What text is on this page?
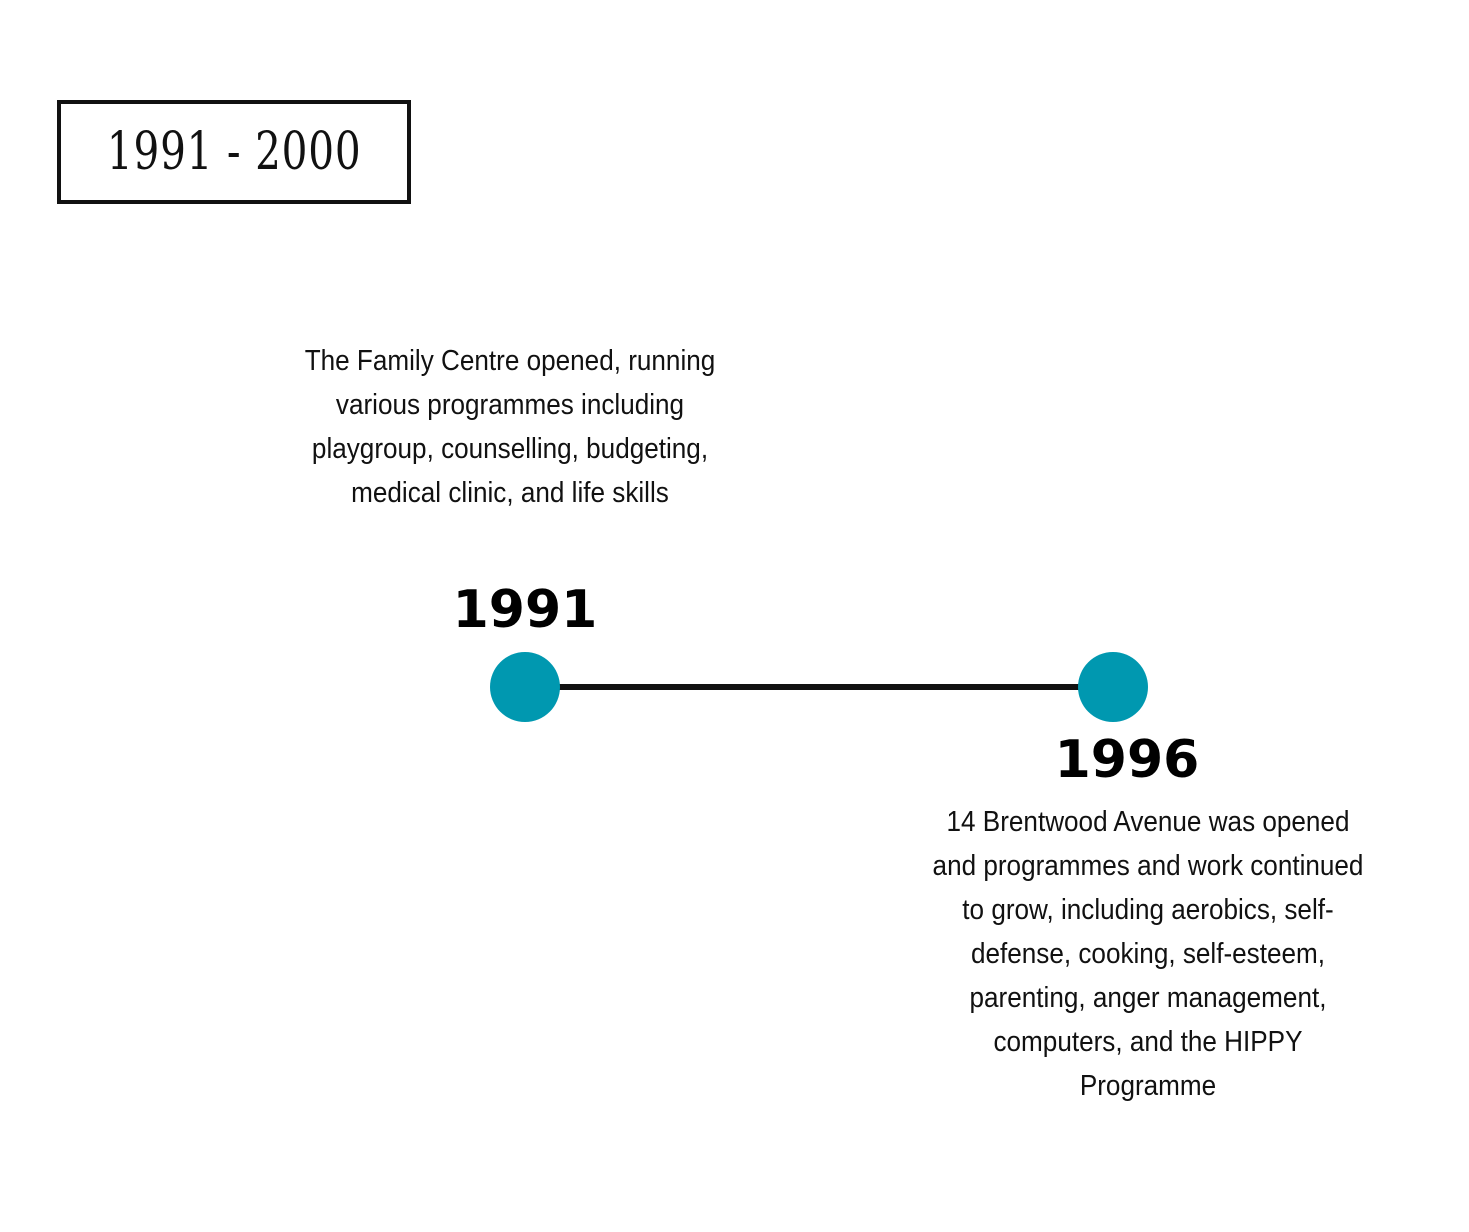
1991 - 2000
The Family Centre opened, running various programmes including playgroup, counselling, budgeting, medical clinic, and life skills
1991
1996
14 Brentwood Avenue was opened and programmes and work continued to grow, including aerobics, self-defense, cooking, self-esteem, parenting, anger management, computers, and the HIPPY Programme
